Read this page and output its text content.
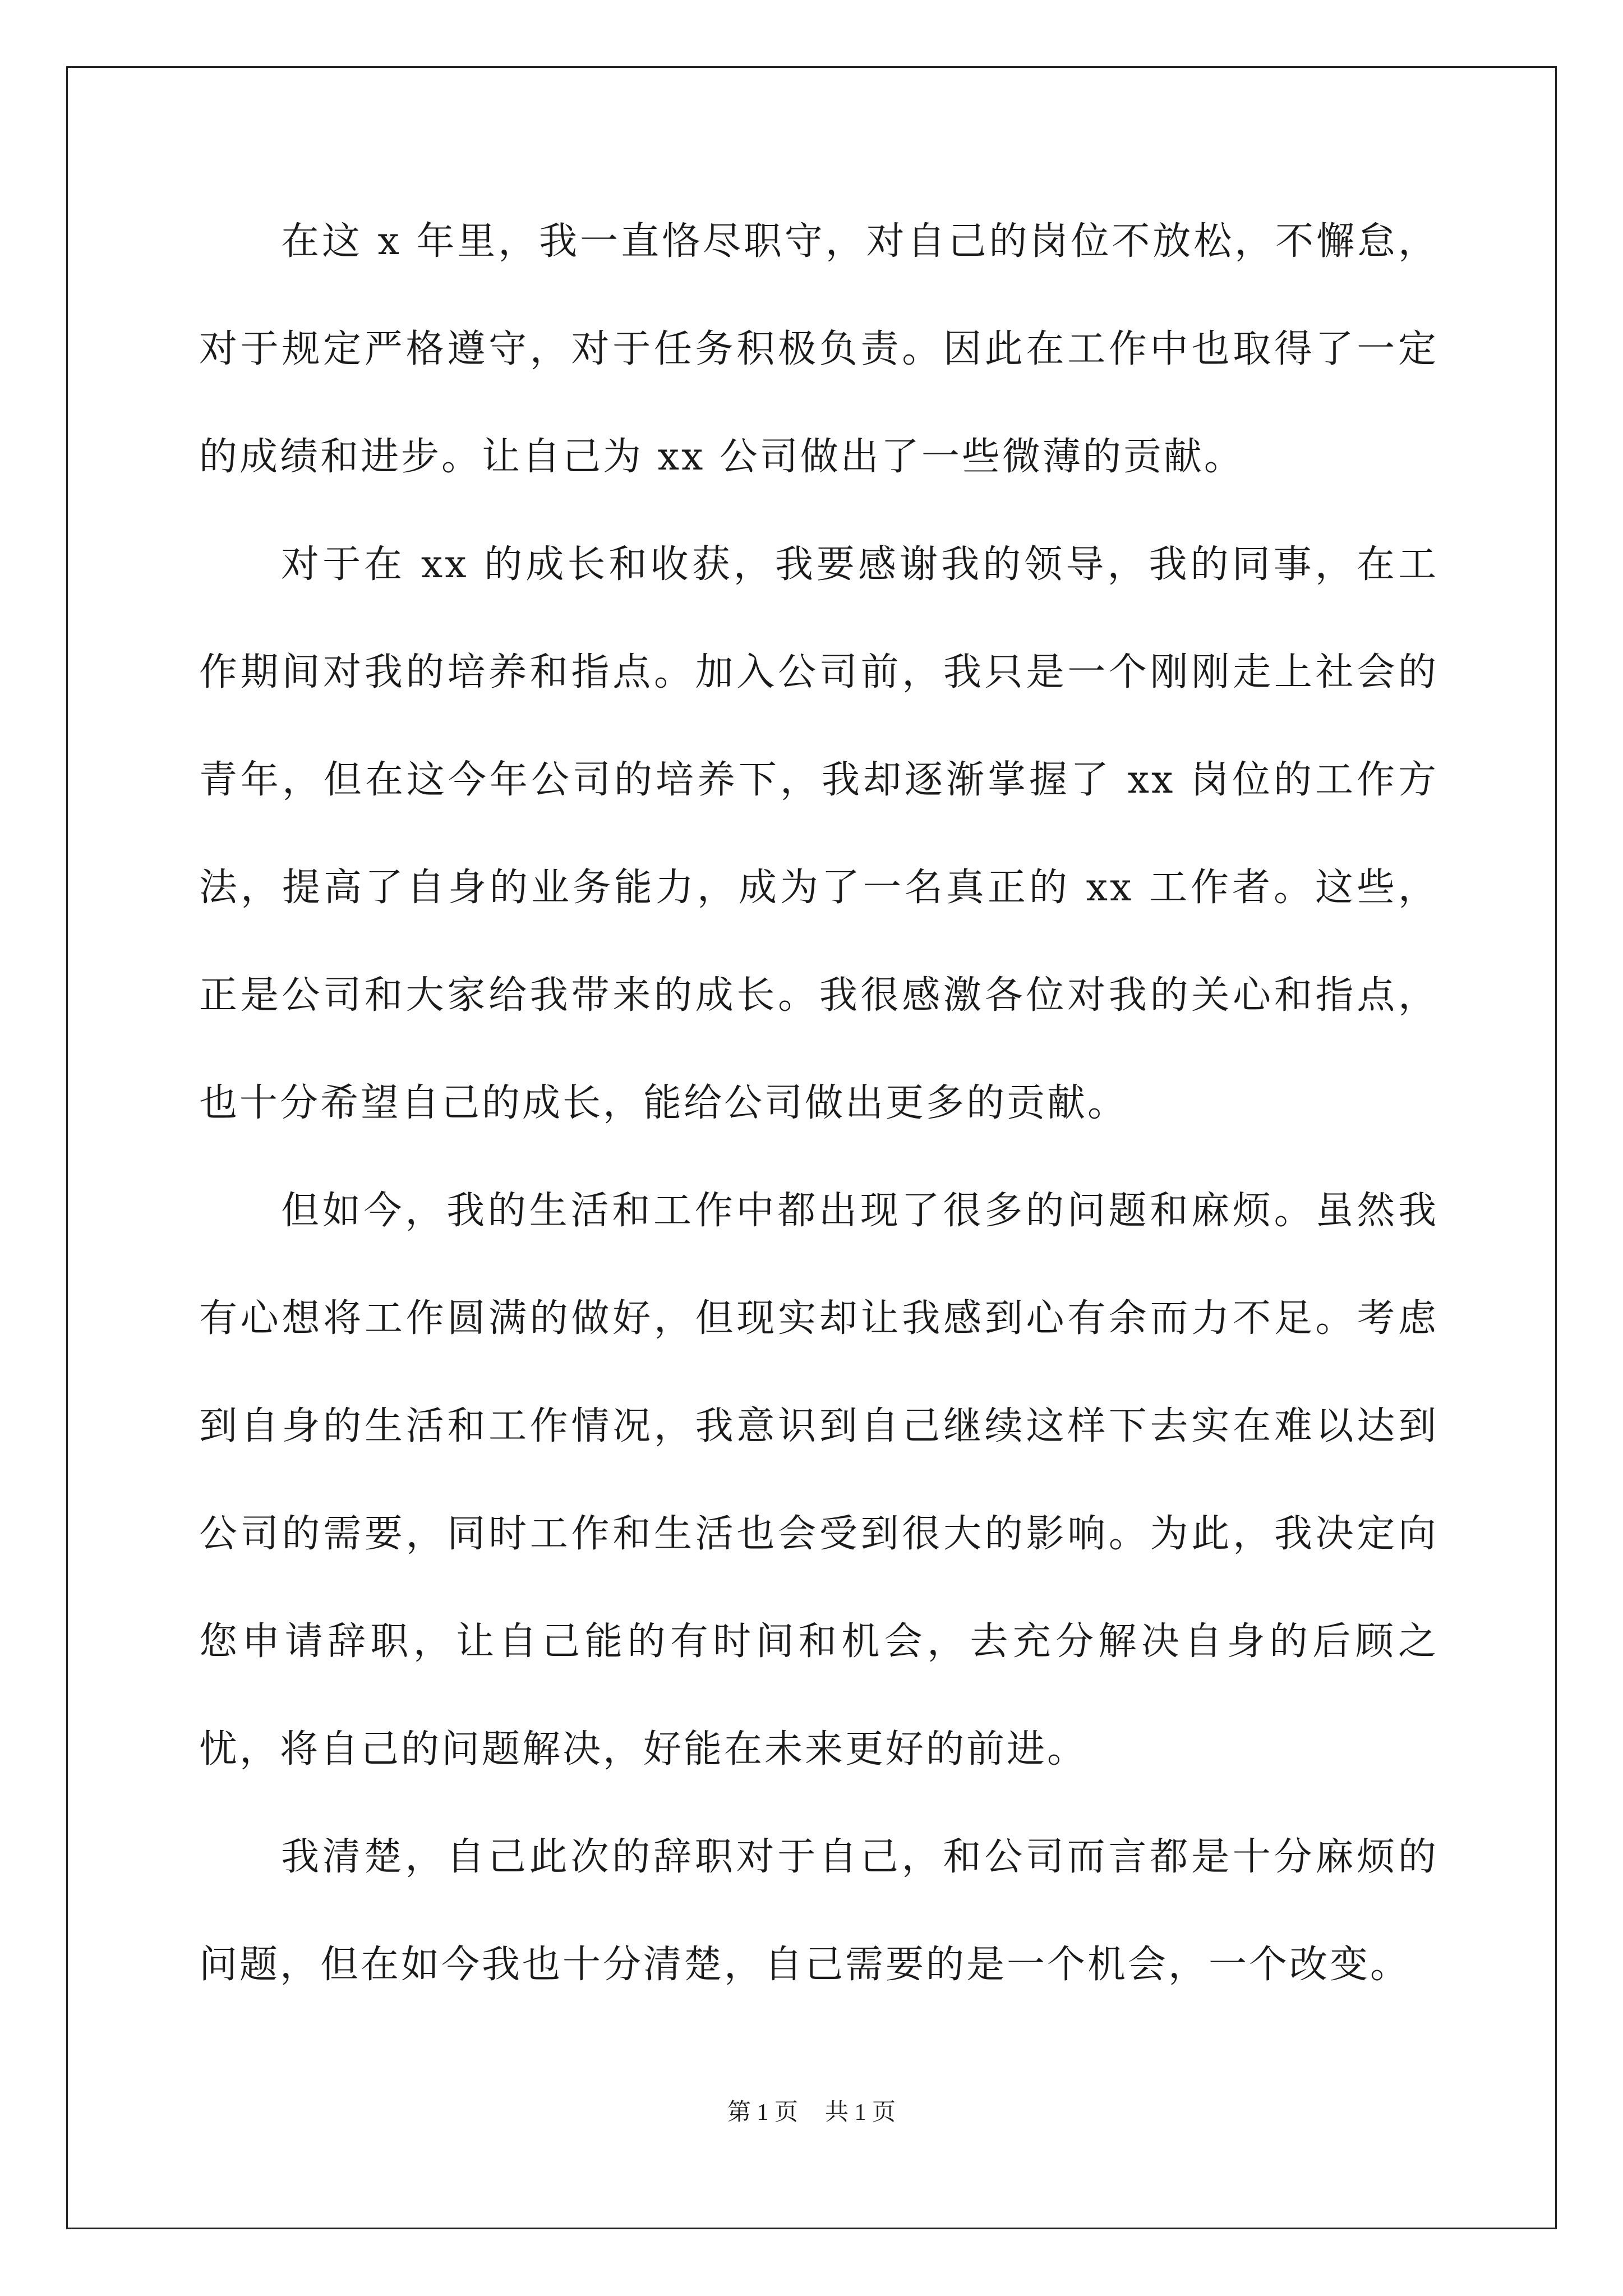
在这 x 年里，我一直恪尽职守，对自己的岗位不放松，不懈怠，对于规定严格遵守，对于任务积极负责。因此在工作中也取得了一定的成绩和进步。让自己为 xx 公司做出了一些微薄的贡献。

对于在 xx 的成长和收获，我要感谢我的领导，我的同事，在工作期间对我的培养和指点。加入公司前，我只是一个刚刚走上社会的青年，但在这今年公司的培养下，我却逐渐掌握了 xx 岗位的工作方法，提高了自身的业务能力，成为了一名真正的 xx 工作者。这些，正是公司和大家给我带来的成长。我很感激各位对我的关心和指点，也十分希望自己的成长，能给公司做出更多的贡献。

但如今，我的生活和工作中都出现了很多的问题和麻烦。虽然我有心想将工作圆满的做好，但现实却让我感到心有余而力不足。考虑到自身的生活和工作情况，我意识到自己继续这样下去实在难以达到公司的需要，同时工作和生活也会受到很大的影响。为此，我决定向您申请辞职，让自己能的有时间和机会，去充分解决自身的后顾之忧，将自己的问题解决，好能在未来更好的前进。

我清楚，自己此次的辞职对于自己，和公司而言都是十分麻烦的问题，但在如今我也十分清楚，自己需要的是一个机会，一个改变。

第 1 页 共 1 页
